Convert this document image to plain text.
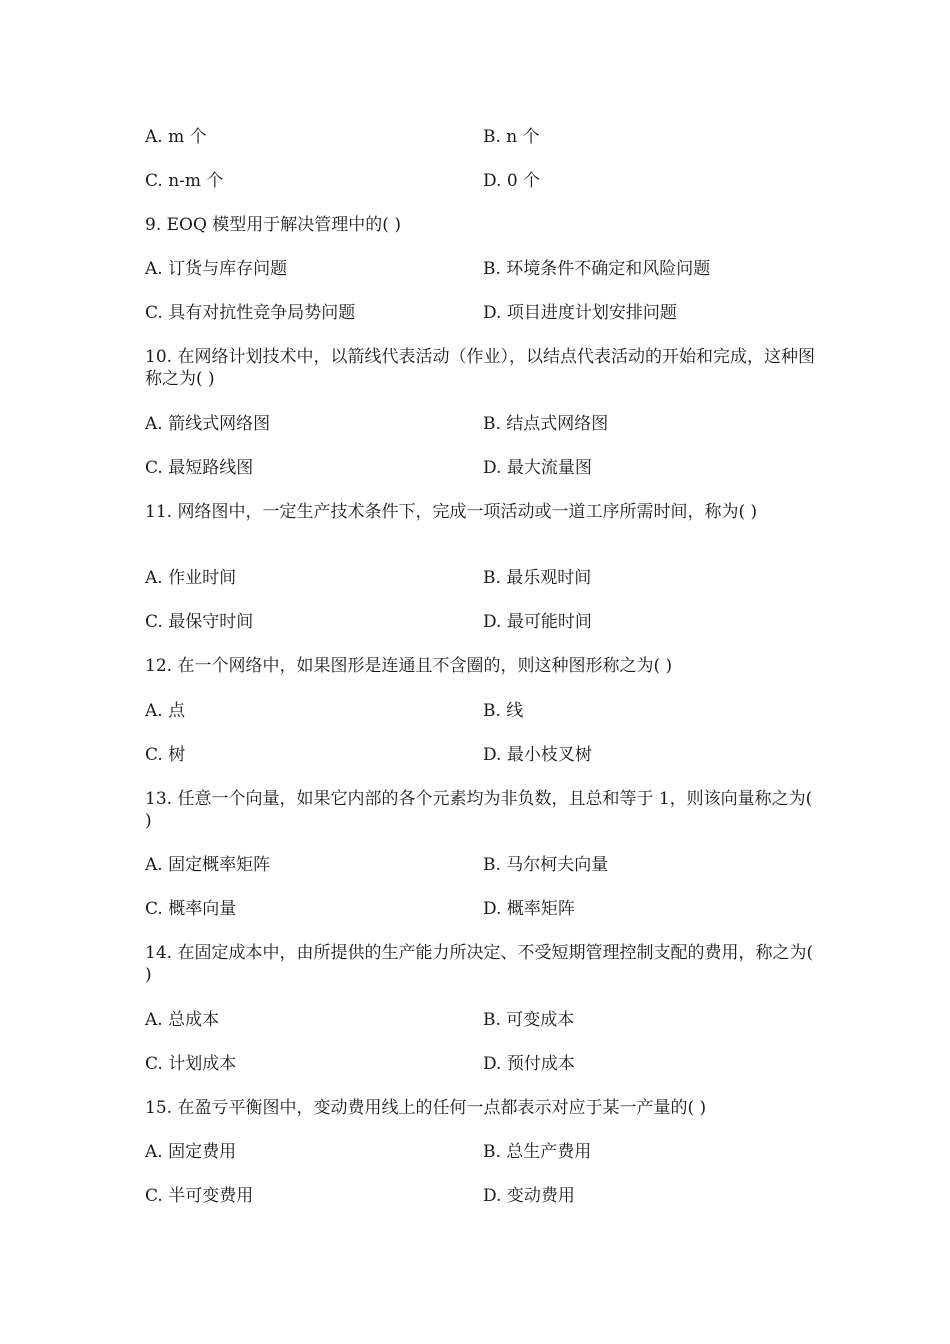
A. m 个	B. n 个
C. n-m 个	D. 0 个
9. EOQ 模型用于解决管理中的( )
A. 订货与库存问题	B. 环境条件不确定和风险问题
C. 具有对抗性竞争局势问题	D. 项目进度计划安排问题
10. 在网络计划技术中，以箭线代表活动（作业），以结点代表活动的开始和完成，这种图称之为( )
A. 箭线式网络图	B. 结点式网络图
C. 最短路线图	D. 最大流量图
11. 网络图中，一定生产技术条件下，完成一项活动或一道工序所需时间，称为( )
A. 作业时间	B. 最乐观时间
C. 最保守时间	D. 最可能时间
12. 在一个网络中，如果图形是连通且不含圈的，则这种图形称之为( )
A. 点	B. 线
C. 树	D. 最小枝叉树
13. 任意一个向量，如果它内部的各个元素均为非负数，且总和等于 1，则该向量称之为( )
A. 固定概率矩阵	B. 马尔柯夫向量
C. 概率向量	D. 概率矩阵
14. 在固定成本中，由所提供的生产能力所决定、不受短期管理控制支配的费用，称之为( )
A. 总成本	B. 可变成本
C. 计划成本	D. 预付成本
15. 在盈亏平衡图中，变动费用线上的任何一点都表示对应于某一产量的( )
A. 固定费用	B. 总生产费用
C. 半可变费用	D. 变动费用
